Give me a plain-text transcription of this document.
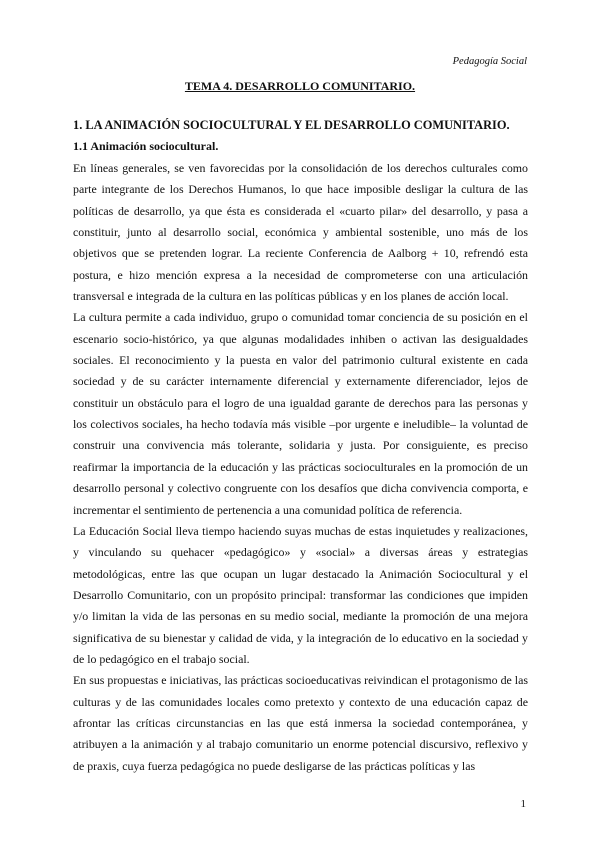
Pedagogía Social
TEMA 4. DESARROLLO COMUNITARIO.
1. LA ANIMACIÓN SOCIOCULTURAL Y EL DESARROLLO COMUNITARIO.
1.1 Animación sociocultural.

En líneas generales, se ven favorecidas por la consolidación de los derechos culturales como parte integrante de los Derechos Humanos, lo que hace imposible desligar la cultura de las políticas de desarrollo, ya que ésta es considerada el «cuarto pilar» del desarrollo, y pasa a constituir, junto al desarrollo social, económica y ambiental sostenible, uno más de los objetivos que se pretenden lograr. La reciente Conferencia de Aalborg + 10, refrendó esta postura, e hizo mención expresa a la necesidad de comprometerse con una articulación transversal e integrada de la cultura en las políticas públicas y en los planes de acción local.

La cultura permite a cada individuo, grupo o comunidad tomar conciencia de su posición en el escenario socio-histórico, ya que algunas modalidades inhiben o activan las desigualdades sociales. El reconocimiento y la puesta en valor del patrimonio cultural existente en cada sociedad y de su carácter internamente diferencial y externamente diferenciador, lejos de constituir un obstáculo para el logro de una igualdad garante de derechos para las personas y los colectivos sociales, ha hecho todavía más visible –por urgente e ineludible– la voluntad de construir una convivencia más tolerante, solidaria y justa. Por consiguiente, es preciso reafirmar la importancia de la educación y las prácticas socioculturales en la promoción de un desarrollo personal y colectivo congruente con los desafíos que dicha convivencia comporta, e incrementar el sentimiento de pertenencia a una comunidad política de referencia.

La Educación Social lleva tiempo haciendo suyas muchas de estas inquietudes y realizaciones, y vinculando su quehacer «pedagógico» y «social» a diversas áreas y estrategias metodológicas, entre las que ocupan un lugar destacado la Animación Sociocultural y el Desarrollo Comunitario, con un propósito principal: transformar las condiciones que impiden y/o limitan la vida de las personas en su medio social, mediante la promoción de una mejora significativa de su bienestar y calidad de vida, y la integración de lo educativo en la sociedad y de lo pedagógico en el trabajo social.

En sus propuestas e iniciativas, las prácticas socioeducativas reivindican el protagonismo de las culturas y de las comunidades locales como pretexto y contexto de una educación capaz de afrontar las críticas circunstancias en las que está inmersa la sociedad contemporánea, y atribuyen a la animación y al trabajo comunitario un enorme potencial discursivo, reflexivo y de praxis, cuya fuerza pedagógica no puede desligarse de las prácticas políticas y las

1
